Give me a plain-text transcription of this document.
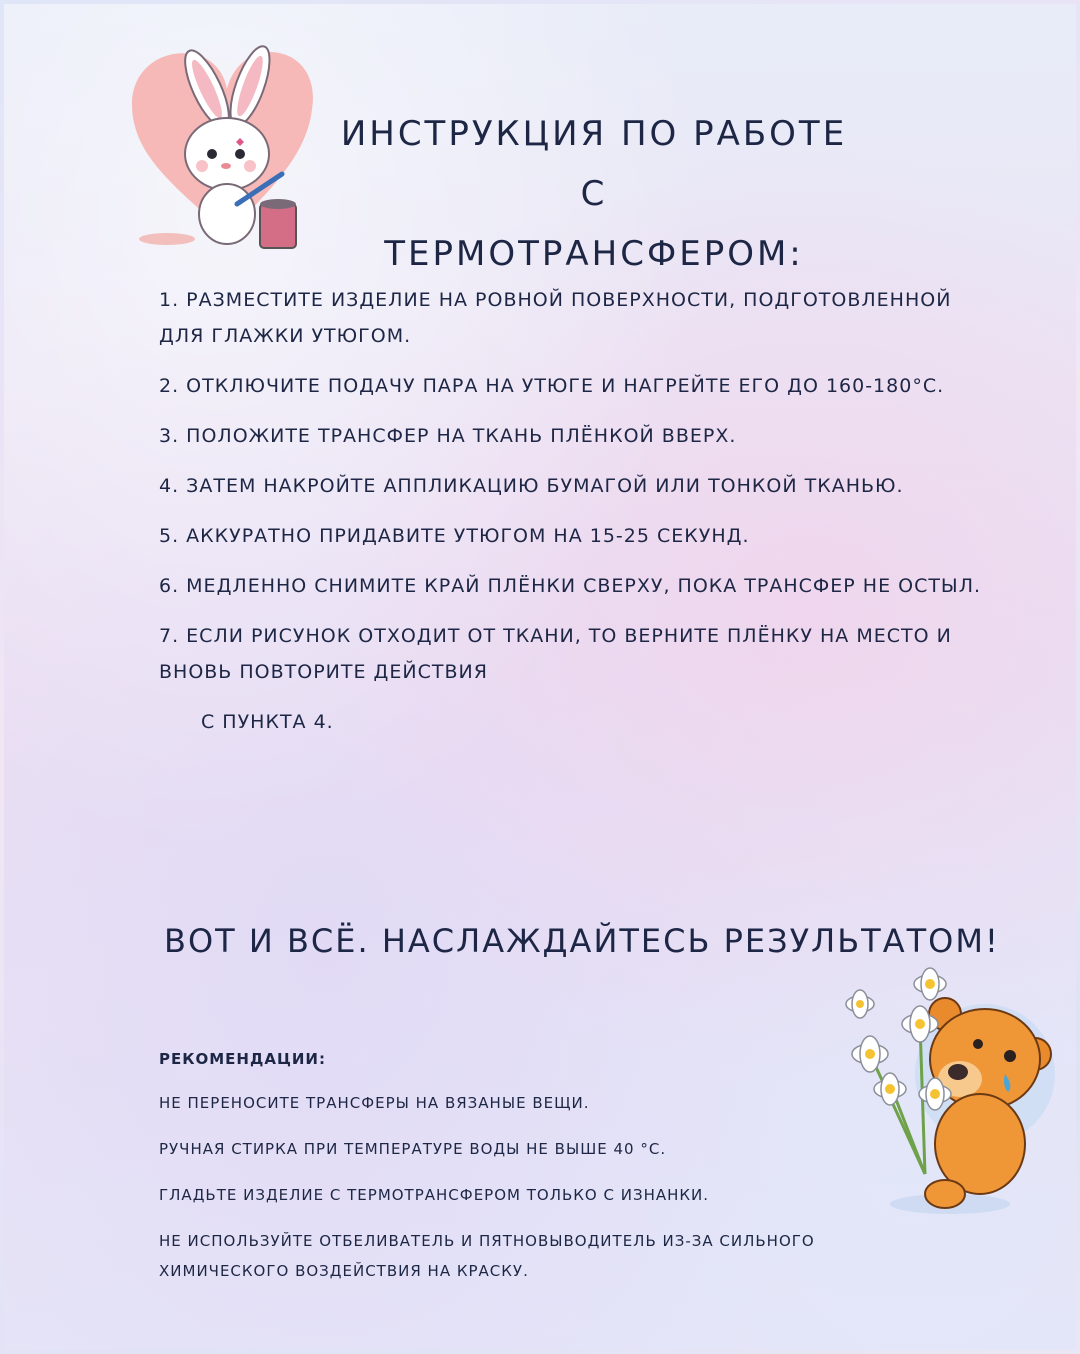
ИНСТРУКЦИЯ ПО РАБОТЕ С
ТЕРМОТРАНСФЕРОМ:
1. РАЗМЕСТИТЕ ИЗДЕЛИЕ НА РОВНОЙ ПОВЕРХНОСТИ, ПОДГОТОВЛЕННОЙ ДЛЯ ГЛАЖКИ УТЮГОМ.
2. ОТКЛЮЧИТЕ ПОДАЧУ ПАРА НА УТЮГЕ И НАГРЕЙТЕ ЕГО ДО 160-180°С.
3. ПОЛОЖИТЕ ТРАНСФЕР НА ТКАНЬ ПЛЁНКОЙ ВВЕРХ.
4. ЗАТЕМ НАКРОЙТЕ АППЛИКАЦИЮ БУМАГОЙ ИЛИ ТОНКОЙ ТКАНЬЮ.
5. АККУРАТНО ПРИДАВИТЕ УТЮГОМ НА 15-25 СЕКУНД.
6. МЕДЛЕННО СНИМИТЕ КРАЙ ПЛЁНКИ СВЕРХУ, ПОКА ТРАНСФЕР НЕ ОСТЫЛ.
7. ЕСЛИ РИСУНОК ОТХОДИТ ОТ ТКАНИ, ТО ВЕРНИТЕ ПЛЁНКУ НА МЕСТО И ВНОВЬ ПОВТОРИТЕ ДЕЙСТВИЯ
С ПУНКТА 4.
ВОТ И ВСЁ. НАСЛАЖДАЙТЕСЬ РЕЗУЛЬТАТОМ!
РЕКОМЕНДАЦИИ:
НЕ ПЕРЕНОСИТЕ ТРАНСФЕРЫ НА ВЯЗАНЫЕ ВЕЩИ.
РУЧНАЯ СТИРКА ПРИ ТЕМПЕРАТУРЕ ВОДЫ НЕ ВЫШЕ 40 °С.
ГЛАДЬТЕ ИЗДЕЛИЕ С ТЕРМОТРАНСФЕРОМ ТОЛЬКО С ИЗНАНКИ.
НЕ ИСПОЛЬЗУЙТЕ ОТБЕЛИВАТЕЛЬ И ПЯТНОВЫВОДИТЕЛЬ ИЗ-ЗА СИЛЬНОГО ХИМИЧЕСКОГО ВОЗДЕЙСТВИЯ НА КРАСКУ.
